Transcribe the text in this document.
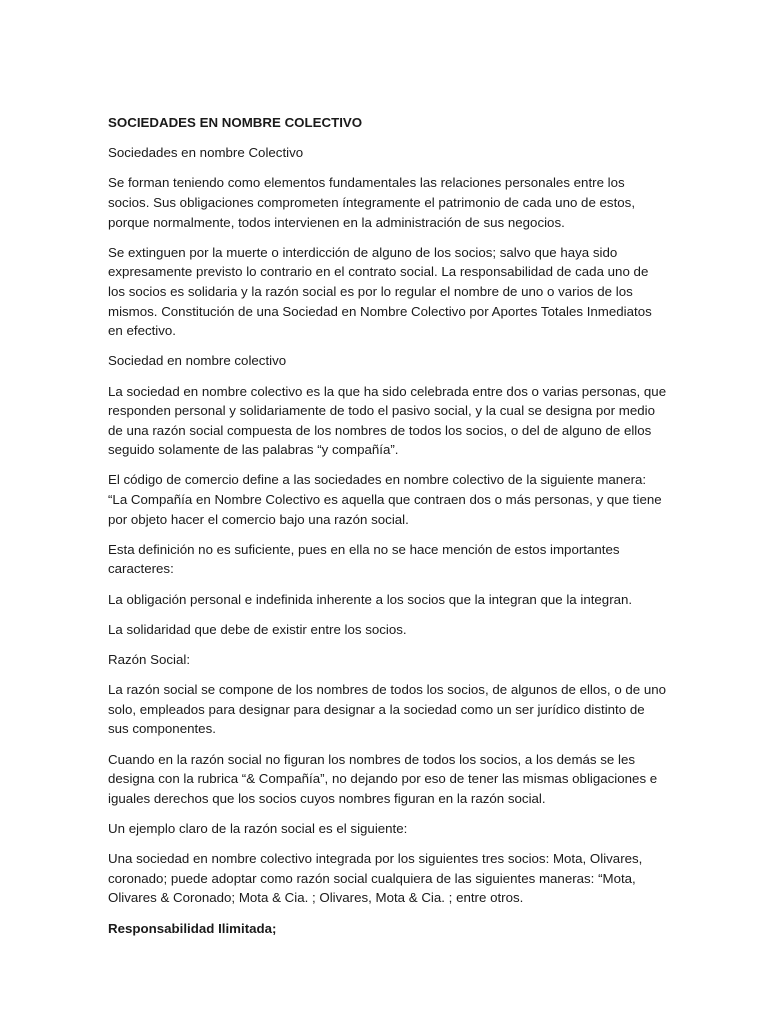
SOCIEDADES EN NOMBRE COLECTIVO

Sociedades en nombre Colectivo

Se forman teniendo como elementos fundamentales las relaciones personales entre los socios. Sus obligaciones comprometen íntegramente el patrimonio de cada uno de estos, porque normalmente, todos intervienen en la administración de sus negocios.

Se extinguen por la muerte o interdicción de alguno de los socios; salvo que haya sido expresamente previsto lo contrario en el contrato social. La responsabilidad de cada uno de los socios es solidaria y la razón social es por lo regular el nombre de uno o varios de los mismos. Constitución de una Sociedad en Nombre Colectivo por Aportes Totales Inmediatos en efectivo.

Sociedad en nombre colectivo

La sociedad en nombre colectivo es la que ha sido celebrada entre dos o varias personas, que responden personal y solidariamente de todo el pasivo social, y la cual se designa por medio de una razón social compuesta de los nombres de todos los socios, o del de alguno de ellos seguido solamente de las palabras “y compañía”.

El código de comercio define a las sociedades en nombre colectivo de la siguiente manera: “La Compañía en Nombre Colectivo es aquella que contraen dos o más personas, y que tiene por objeto hacer el comercio bajo una razón social.

Esta definición no es suficiente, pues en ella no se hace mención de estos importantes caracteres:

La obligación personal e indefinida inherente a los socios que la integran que la integran.

La solidaridad que debe de existir entre los socios.

Razón Social:

La razón social se compone de los nombres de todos los socios, de algunos de ellos, o de uno solo, empleados para designar para designar a la sociedad como un ser jurídico distinto de sus componentes.

Cuando en la razón social no figuran los nombres de todos los socios, a los demás se les designa con la rubrica “& Compañía”, no dejando por eso de tener las mismas obligaciones e iguales derechos que los socios cuyos nombres figuran en la razón social.

Un ejemplo claro de la razón social es el siguiente:

Una sociedad en nombre colectivo integrada por los siguientes tres socios: Mota, Olivares, coronado; puede adoptar como razón social cualquiera de las siguientes maneras: “Mota, Olivares & Coronado; Mota & Cia. ; Olivares, Mota & Cia. ; entre otros.

Responsabilidad Ilimitada;
